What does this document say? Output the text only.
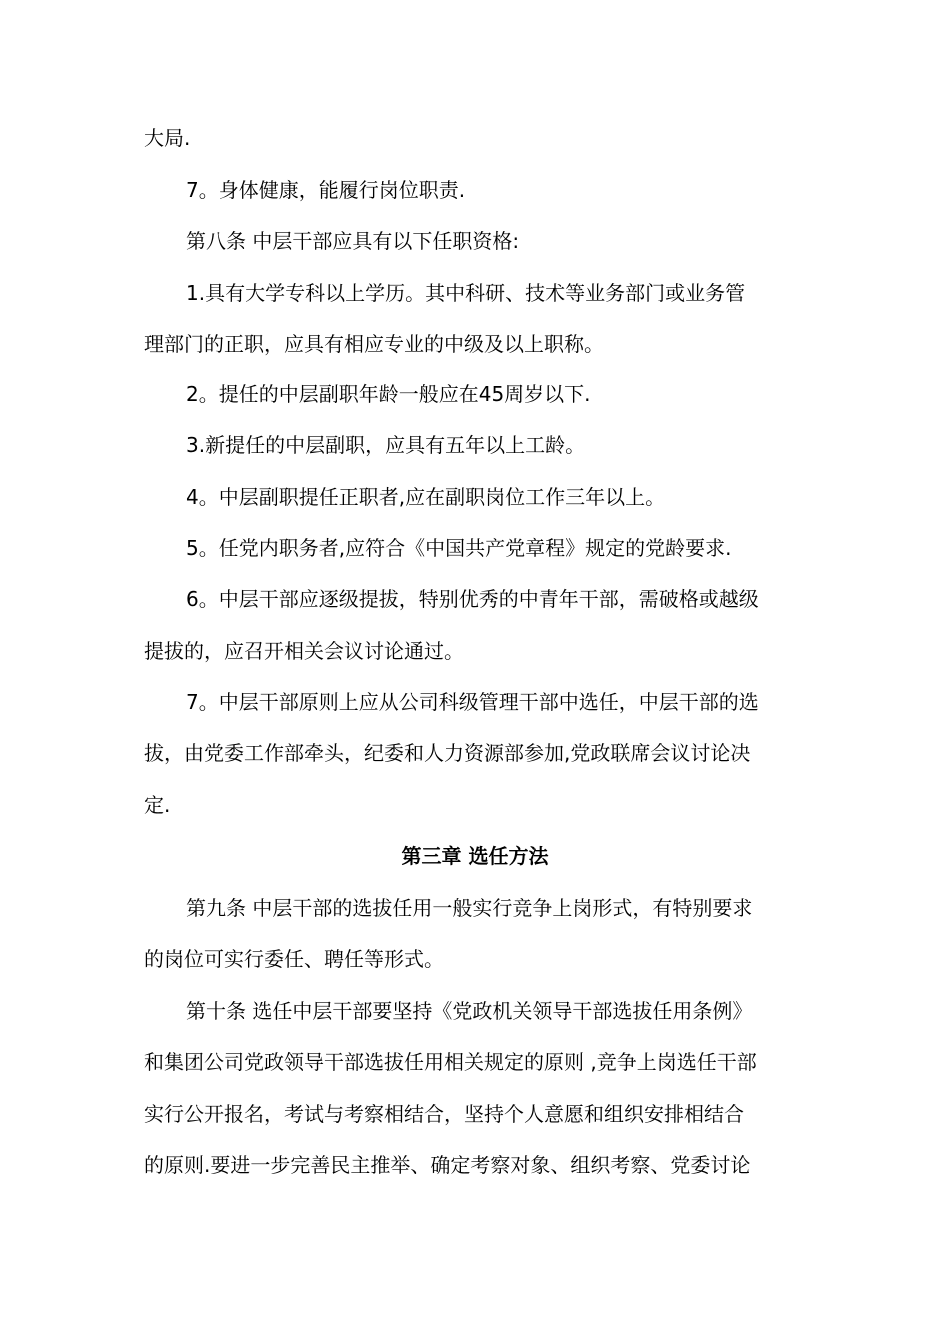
大局.
7。身体健康，能履行岗位职责.
第八条 中层干部应具有以下任职资格:
1.具有大学专科以上学历。其中科研、技术等业务部门或业务管
理部门的正职，应具有相应专业的中级及以上职称。
2。提任的中层副职年龄一般应在45周岁以下.
3.新提任的中层副职，应具有五年以上工龄。
4。中层副职提任正职者,应在副职岗位工作三年以上。
5。任党内职务者,应符合《中国共产党章程》规定的党龄要求.
6。中层干部应逐级提拔，特别优秀的中青年干部，需破格或越级
提拔的，应召开相关会议讨论通过。
7。中层干部原则上应从公司科级管理干部中选任，中层干部的选
拔，由党委工作部牵头，纪委和人力资源部参加,党政联席会议讨论决
定.
第三章 选任方法
第九条 中层干部的选拔任用一般实行竞争上岗形式，有特别要求
的岗位可实行委任、聘任等形式。
第十条 选任中层干部要坚持《党政机关领导干部选拔任用条例》
和集团公司党政领导干部选拔任用相关规定的原则 ,竞争上岗选任干部
实行公开报名，考试与考察相结合，坚持个人意愿和组织安排相结合
的原则.要进一步完善民主推举、确定考察对象、组织考察、党委讨论
